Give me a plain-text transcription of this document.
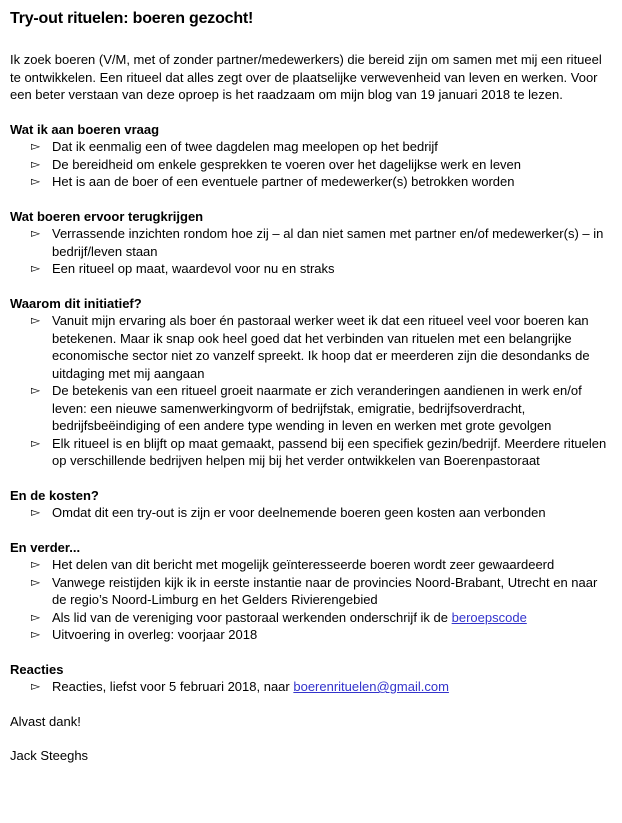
Try-out rituelen: boeren gezocht!

Ik zoek boeren (V/M, met of zonder partner/medewerkers) die bereid zijn om samen met mij een ritueel te ontwikkelen. Een ritueel dat alles zegt over de plaatselijke verwevenheid van leven en werken. Voor een beter verstaan van deze oproep is het raadzaam om mijn blog van 19 januari 2018 te lezen.

Wat ik aan boeren vraag
▻ Dat ik eenmalig een of twee dagdelen mag meelopen op het bedrijf
▻ De bereidheid om enkele gesprekken te voeren over het dagelijkse werk en leven
▻ Het is aan de boer of een eventuele partner of medewerker(s) betrokken worden
Wat boeren ervoor terugkrijgen
▻ Verrassende inzichten rondom hoe zij – al dan niet samen met partner en/of medewerker(s) – in bedrijf/leven staan
▻ Een ritueel op maat, waardevol voor nu en straks
Waarom dit initiatief?
▻ Vanuit mijn ervaring als boer én pastoraal werker weet ik dat een ritueel veel voor boeren kan betekenen. Maar ik snap ook heel goed dat het verbinden van rituelen met een belangrijke economische sector niet zo vanzelf spreekt. Ik hoop dat er meerderen zijn die desondanks de uitdaging met mij aangaan
▻ De betekenis van een ritueel groeit naarmate er zich veranderingen aandienen in werk en/of leven: een nieuwe samenwerkingvorm of bedrijfstak, emigratie, bedrijfsoverdracht, bedrijfsbeëindiging of een andere type wending in leven en werken met grote gevolgen
▻ Elk ritueel is en blijft op maat gemaakt, passend bij een specifiek gezin/bedrijf. Meerdere rituelen op verschillende bedrijven helpen mij bij het verder ontwikkelen van Boerenpastoraat
En de kosten?
▻ Omdat dit een try-out is zijn er voor deelnemende boeren geen kosten aan verbonden
En verder...
▻ Het delen van dit bericht met mogelijk geïnteresseerde boeren wordt zeer gewaardeerd
▻ Vanwege reistijden kijk ik in eerste instantie naar de provincies Noord-Brabant, Utrecht en naar de regio’s Noord-Limburg en het Gelders Rivierengebied
▻ Als lid van de vereniging voor pastoraal werkenden onderschrijf ik de beroepscode
▻ Uitvoering in overleg: voorjaar 2018
Reacties
▻ Reacties, liefst voor 5 februari 2018, naar boerenrituelen@gmail.com

Alvast dank!

Jack Steeghs
